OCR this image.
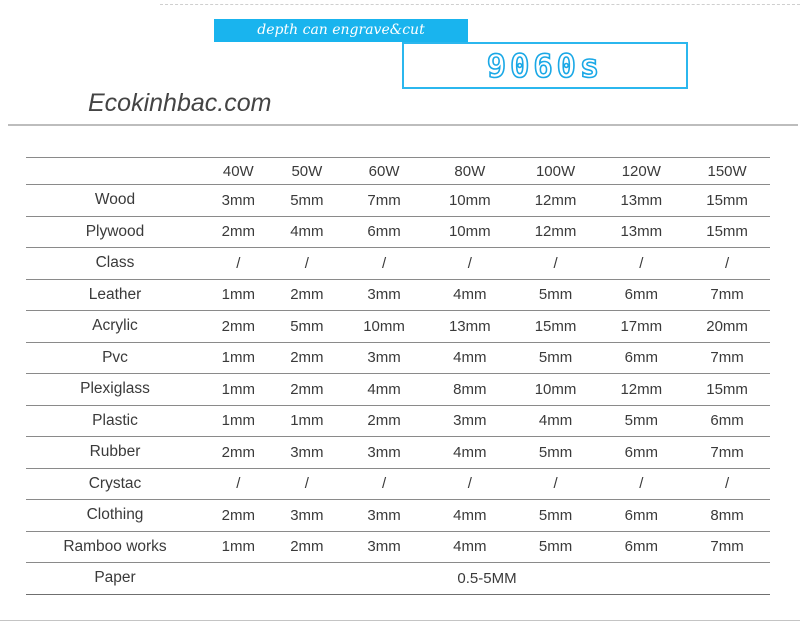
depth can engrave&cut
9060s
Ecokinhbac.com
	40W	50W	60W	80W	100W	120W	150W
Wood	3mm	5mm	7mm	10mm	12mm	13mm	15mm
Plywood	2mm	4mm	6mm	10mm	12mm	13mm	15mm
Class	/	/	/	/	/	/	/
Leather	1mm	2mm	3mm	4mm	5mm	6mm	7mm
Acrylic	2mm	5mm	10mm	13mm	15mm	17mm	20mm
Pvc	1mm	2mm	3mm	4mm	5mm	6mm	7mm
Plexiglass	1mm	2mm	4mm	8mm	10mm	12mm	15mm
Plastic	1mm	1mm	2mm	3mm	4mm	5mm	6mm
Rubber	2mm	3mm	3mm	4mm	5mm	6mm	7mm
Crystac	/	/	/	/	/	/	/
Clothing	2mm	3mm	3mm	4mm	5mm	6mm	8mm
Ramboo works	1mm	2mm	3mm	4mm	5mm	6mm	7mm
Paper	0.5-5MM						
